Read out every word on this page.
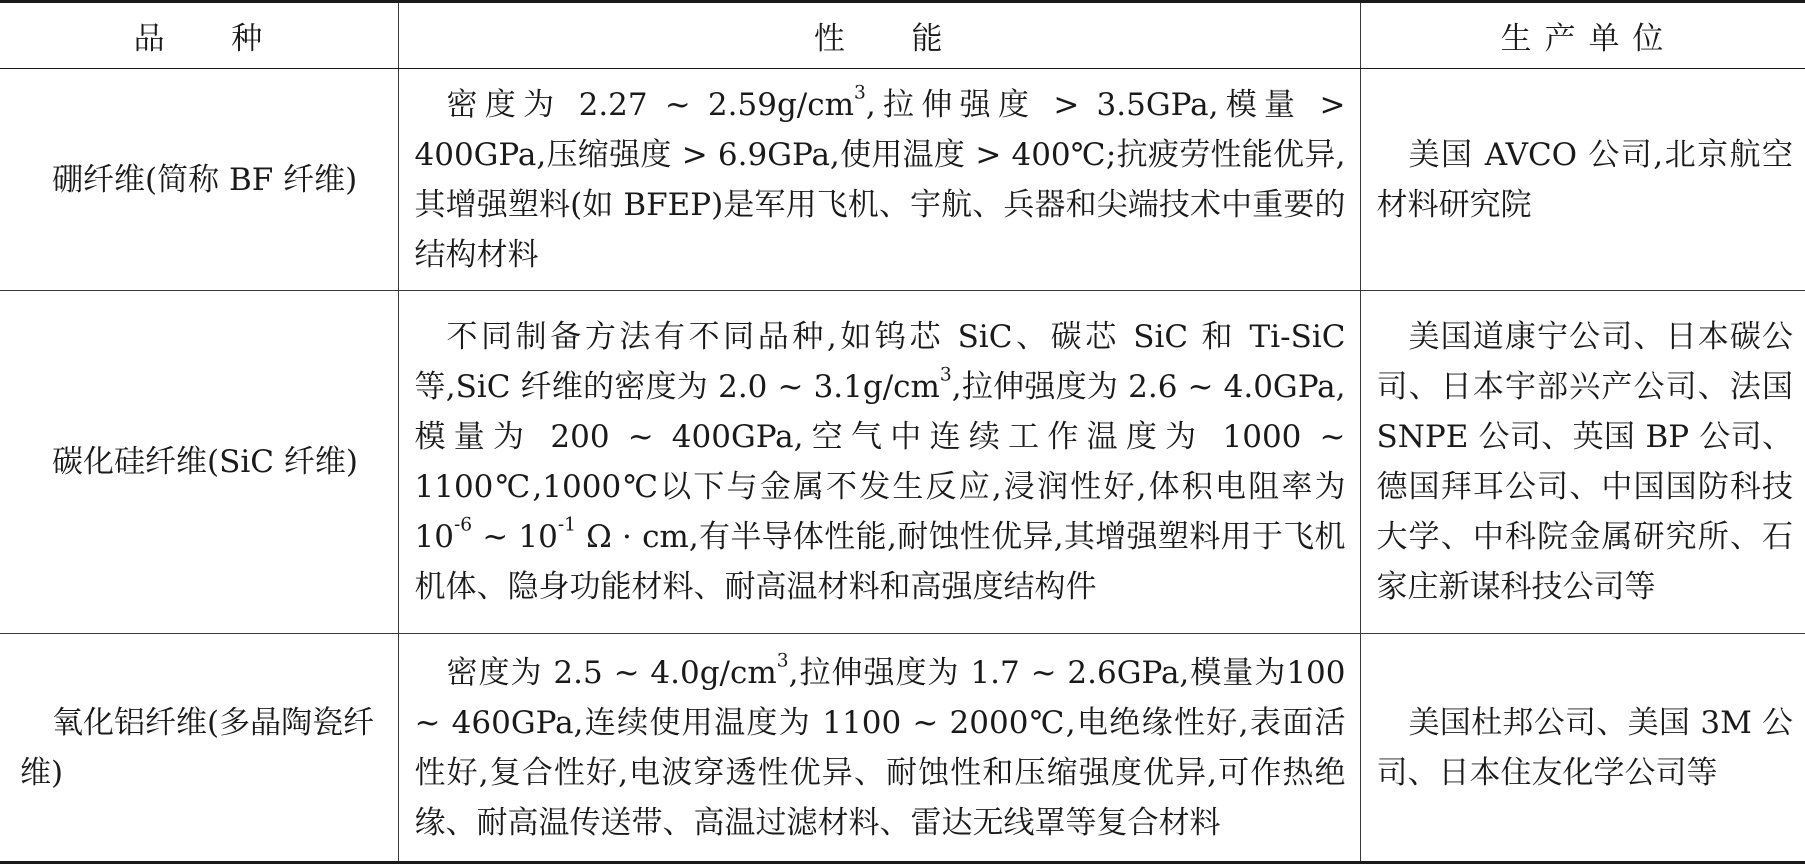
品　　种	性　　能	生 产 单 位

硼纤维(简称 BF 纤维)	密度为 2.27 ~ $2.59g/cm^3$,拉伸强度 > 3.5GPa,模量 > 400GPa,压缩强度 > 6.9GPa,使用温度 > 400℃;抗疲劳性能优异,其增强塑料(如 BFEP)是军用飞机、宇航、兵器和尖端技术中重要的结构材料	美国 AVCO 公司,北京航空材料研究院

碳化硅纤维(SiC 纤维)	不同制备方法有不同品种,如钨芯 SiC、碳芯 SiC 和 Ti-SiC 等,SiC 纤维的密度为 2.0 ~ $3.1g/cm^3$,拉伸强度为 2.6 ~ 4.0GPa,模量为 200 ~ 400GPa,空气中连续工作温度为 1000 ~ 1100℃,1000℃以下与金属不发生反应,浸润性好,体积电阻率为 $10^{-6}$ ~ $10^{-1}$ Ω · cm,有半导体性能,耐蚀性优异,其增强塑料用于飞机机体、隐身功能材料、耐高温材料和高强度结构件	美国道康宁公司、日本碳公司、日本宇部兴产公司、法国 SNPE 公司、英国 BP 公司、德国拜耳公司、中国国防科技大学、中科院金属研究所、石家庄新谋科技公司等

氧化铝纤维(多晶陶瓷纤维)	密度为 2.5 ~ $4.0g/cm^3$,拉伸强度为 1.7 ~ 2.6GPa,模量为100 ~ 460GPa,连续使用温度为 1100 ~ 2000℃,电绝缘性好,表面活性好,复合性好,电波穿透性优异、耐蚀性和压缩强度优异,可作热绝缘、耐高温传送带、高温过滤材料、雷达无线罩等复合材料	美国杜邦公司、美国 3M 公司、日本住友化学公司等
